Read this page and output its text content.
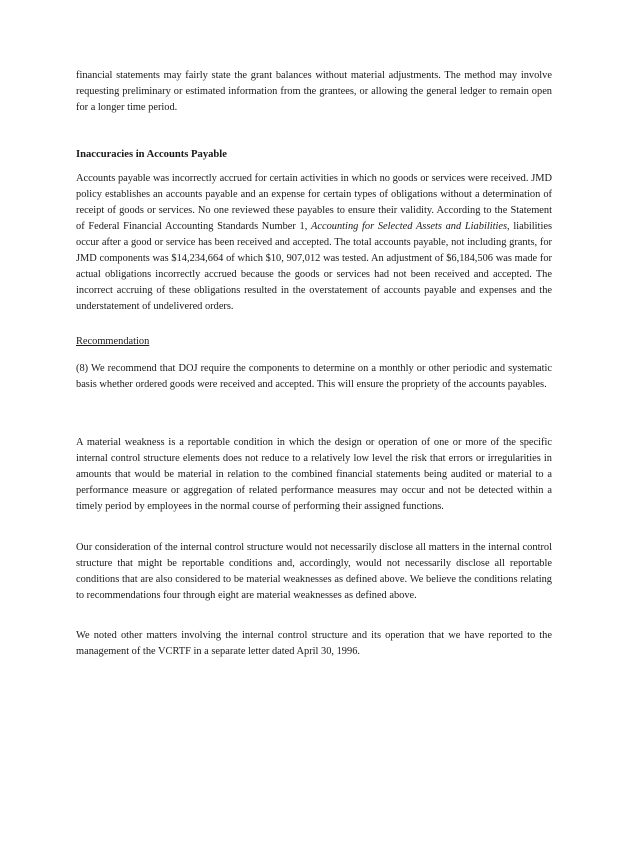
financial statements may fairly state the grant balances without material adjustments. The method may involve requesting preliminary or estimated information from the grantees, or allowing the general ledger to remain open for a longer time period.

Inaccuracies in Accounts Payable

Accounts payable was incorrectly accrued for certain activities in which no goods or services were received. JMD policy establishes an accounts payable and an expense for certain types of obligations without a determination of receipt of goods or services. No one reviewed these payables to ensure their validity. According to the Statement of Federal Financial Accounting Standards Number 1, Accounting for Selected Assets and Liabilities, liabilities occur after a good or service has been received and accepted. The total accounts payable, not including grants, for JMD components was $14,234,664 of which $10, 907,012 was tested. An adjustment of $6,184,506 was made for actual obligations incorrectly accrued because the goods or services had not been received and accepted. The incorrect accruing of these obligations resulted in the overstatement of accounts payable and expenses and the understatement of undelivered orders.

Recommendation

(8) We recommend that DOJ require the components to determine on a monthly or other periodic and systematic basis whether ordered goods were received and accepted. This will ensure the propriety of the accounts payables.

A material weakness is a reportable condition in which the design or operation of one or more of the specific internal control structure elements does not reduce to a relatively low level the risk that errors or irregularities in amounts that would be material in relation to the combined financial statements being audited or material to a performance measure or aggregation of related performance measures may occur and not be detected within a timely period by employees in the normal course of performing their assigned functions.

Our consideration of the internal control structure would not necessarily disclose all matters in the internal control structure that might be reportable conditions and, accordingly, would not necessarily disclose all reportable conditions that are also considered to be material weaknesses as defined above. We believe the conditions relating to recommendations four through eight are material weaknesses as defined above.

We noted other matters involving the internal control structure and its operation that we have reported to the management of the VCRTF in a separate letter dated April 30, 1996.
